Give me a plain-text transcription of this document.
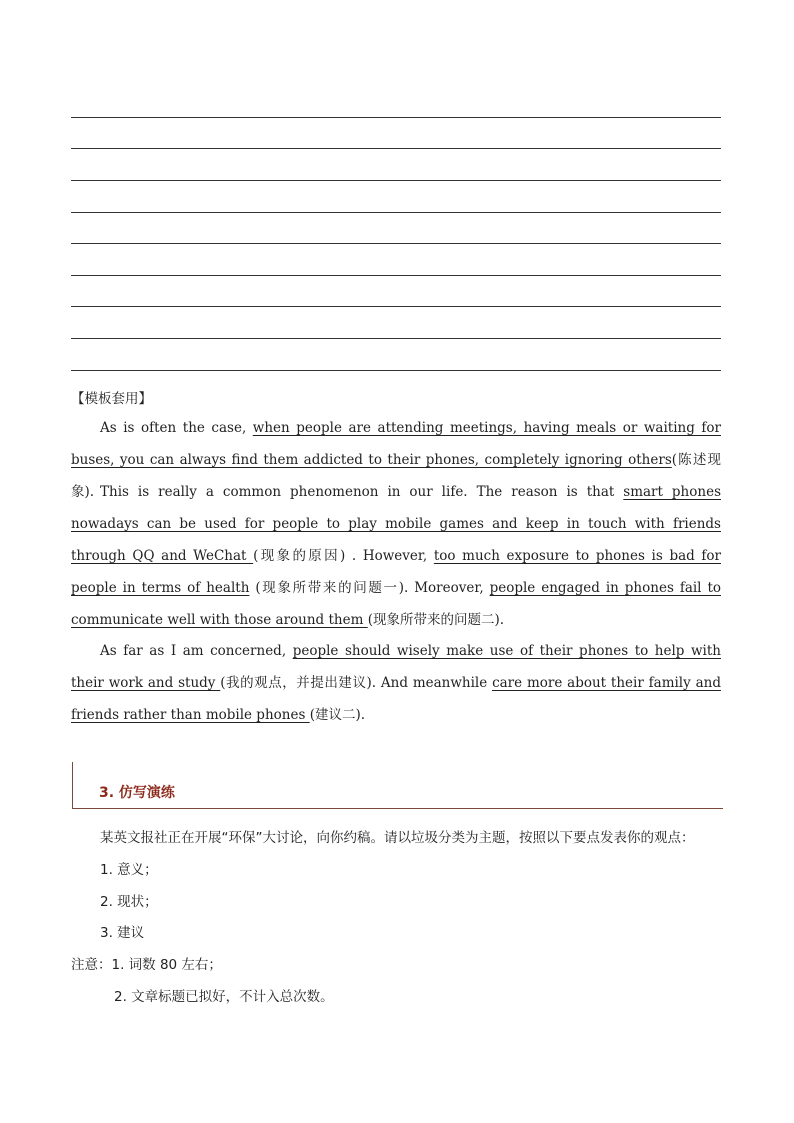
【模板套用】
As is often the case, when people are attending meetings, having meals or waiting for buses, you can always find them addicted to their phones, completely ignoring others(陈述现象). This is really a common phenomenon in our life. The reason is that smart phones nowadays can be used for people to play mobile games and keep in touch with friends through QQ and WeChat (现象的原因) . However, too much exposure to phones is bad for people in terms of health (现象所带来的问题一). Moreover, people engaged in phones fail to communicate well with those around them (现象所带来的问题二).
As far as I am concerned, people should wisely make use of their phones to help with their work and study (我的观点，并提出建议). And meanwhile care more about their family and friends rather than mobile phones (建议二).
3. 仿写演练
某英文报社正在开展“环保”大讨论，向你约稿。请以垃圾分类为主题，按照以下要点发表你的观点：
1. 意义；
2. 现状；
3. 建议
注意：1. 词数 80 左右；
2. 文章标题已拟好，不计入总次数。
